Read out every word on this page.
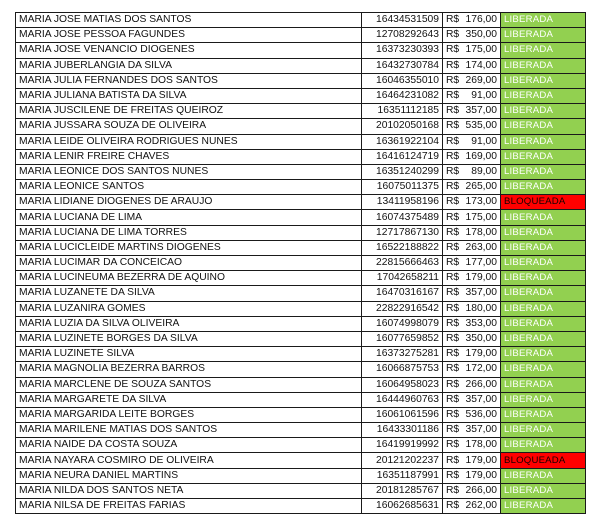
MARIA JOSE MATIAS DOS SANTOS	16434531509	R$ 176,00	LIBERADA
MARIA JOSE PESSOA FAGUNDES	12708292643	R$ 350,00	LIBERADA
MARIA JOSE VENANCIO DIOGENES	16373230393	R$ 175,00	LIBERADA
MARIA JUBERLANGIA DA SILVA	16432730784	R$ 174,00	LIBERADA
MARIA JULIA FERNANDES DOS SANTOS	16046355010	R$ 269,00	LIBERADA
MARIA JULIANA BATISTA DA SILVA	16464231082	R$ 91,00	LIBERADA
MARIA JUSCILENE DE FREITAS QUEIROZ	16351112185	R$ 357,00	LIBERADA
MARIA JUSSARA SOUZA DE OLIVEIRA	20102050168	R$ 535,00	LIBERADA
MARIA LEIDE OLIVEIRA RODRIGUES NUNES	16361922104	R$ 91,00	LIBERADA
MARIA LENIR FREIRE CHAVES	16416124719	R$ 169,00	LIBERADA
MARIA LEONICE DOS SANTOS NUNES	16351240299	R$ 89,00	LIBERADA
MARIA LEONICE SANTOS	16075011375	R$ 265,00	LIBERADA
MARIA LIDIANE DIOGENES DE ARAUJO	13411958196	R$ 173,00	BLOQUEADA
MARIA LUCIANA DE LIMA	16074375489	R$ 175,00	LIBERADA
MARIA LUCIANA DE LIMA TORRES	12717867130	R$ 178,00	LIBERADA
MARIA LUCICLEIDE MARTINS DIOGENES	16522188822	R$ 263,00	LIBERADA
MARIA LUCIMAR DA CONCEICAO	22815666463	R$ 177,00	LIBERADA
MARIA LUCINEUMA BEZERRA DE AQUINO	17042658211	R$ 179,00	LIBERADA
MARIA LUZANETE DA SILVA	16470316167	R$ 357,00	LIBERADA
MARIA LUZANIRA GOMES	22822916542	R$ 180,00	LIBERADA
MARIA LUZIA DA SILVA OLIVEIRA	16074998079	R$ 353,00	LIBERADA
MARIA LUZINETE BORGES DA SILVA	16077659852	R$ 350,00	LIBERADA
MARIA LUZINETE SILVA	16373275281	R$ 179,00	LIBERADA
MARIA MAGNOLIA BEZERRA BARROS	16066875753	R$ 172,00	LIBERADA
MARIA MARCLENE DE SOUZA SANTOS	16064958023	R$ 266,00	LIBERADA
MARIA MARGARETE DA SILVA	16444960763	R$ 357,00	LIBERADA
MARIA MARGARIDA LEITE BORGES	16061061596	R$ 536,00	LIBERADA
MARIA MARILENE MATIAS DOS SANTOS	16433301186	R$ 357,00	LIBERADA
MARIA NAIDE DA COSTA SOUZA	16419919992	R$ 178,00	LIBERADA
MARIA NAYARA COSMIRO DE OLIVEIRA	20121202237	R$ 179,00	BLOQUEADA
MARIA NEURA DANIEL MARTINS	16351187991	R$ 179,00	LIBERADA
MARIA NILDA DOS SANTOS NETA	20181285767	R$ 266,00	LIBERADA
MARIA NILSA DE FREITAS FARIAS	16062685631	R$ 262,00	LIBERADA
